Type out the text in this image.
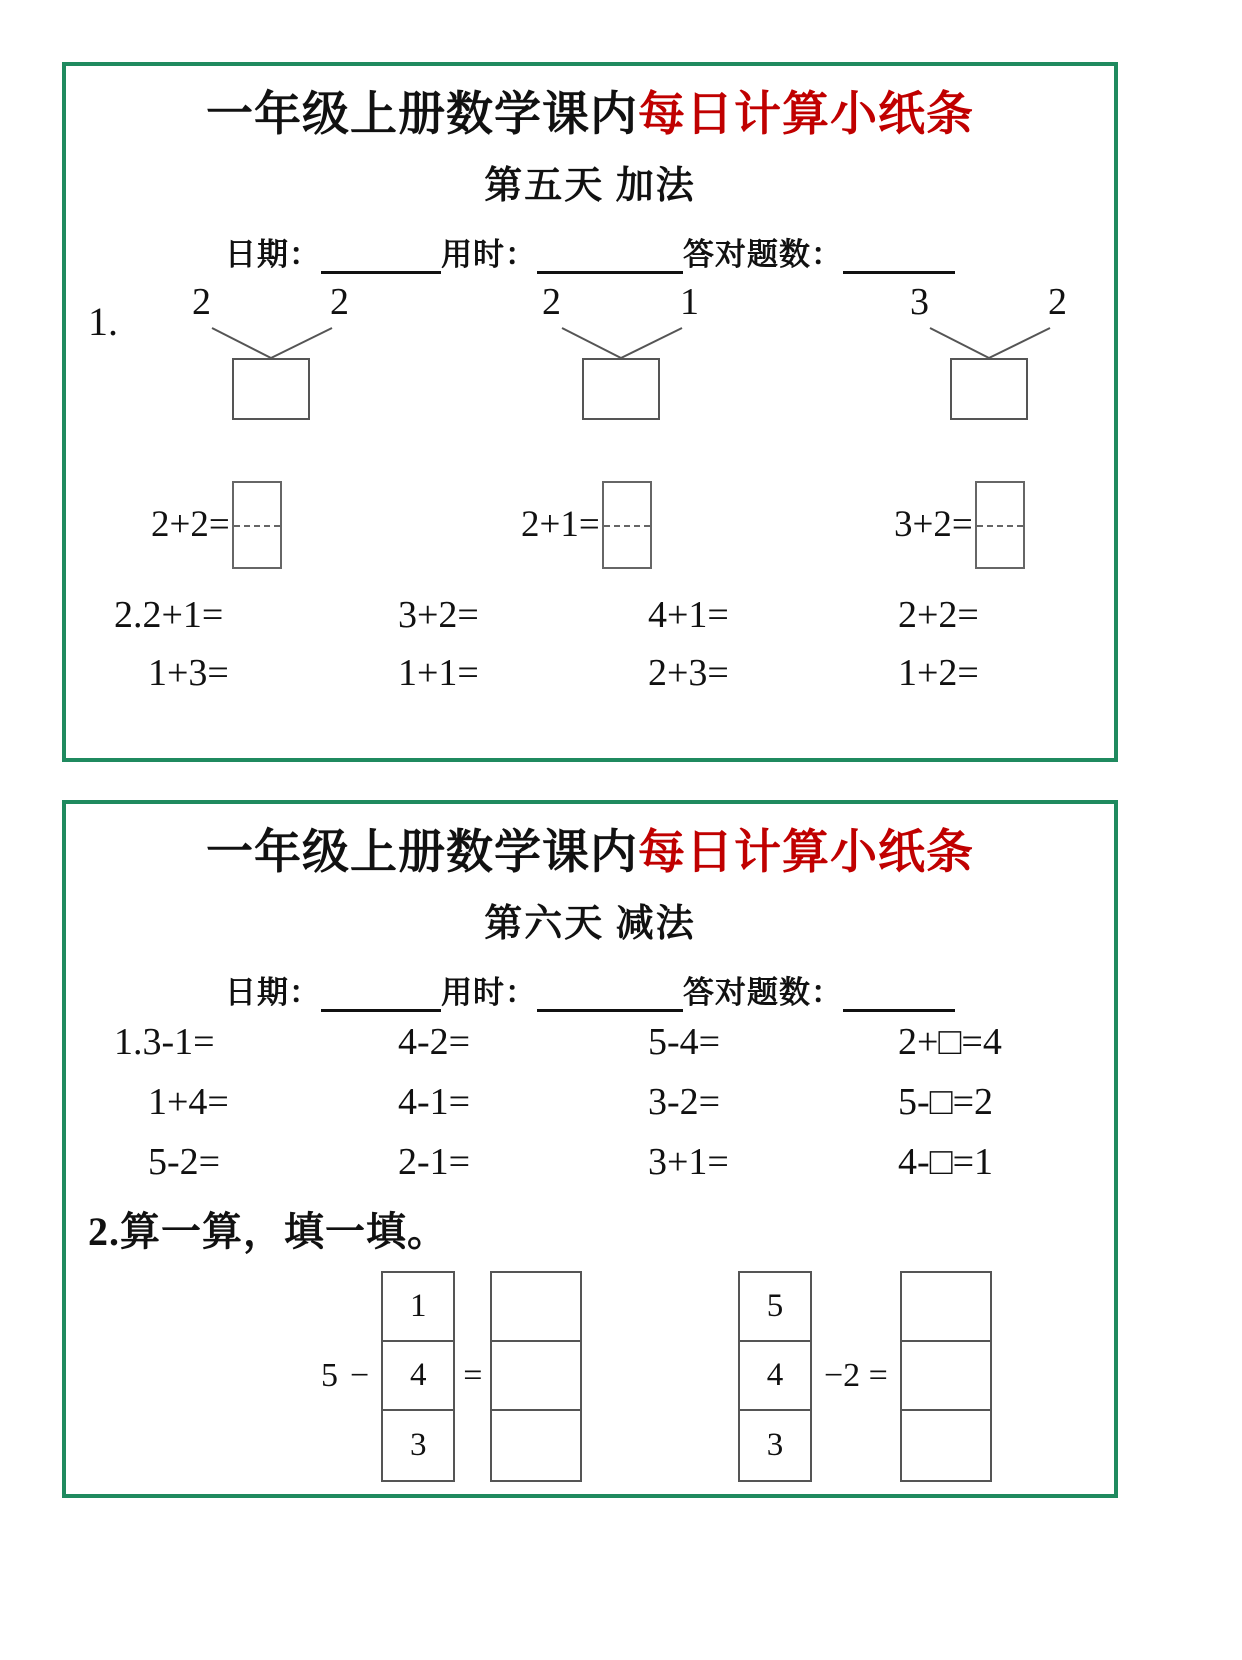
一年级上册数学课内每日计算小纸条
第五天 加法
日期：	用时：	答对题数：
1. 2	2	2	1	3	2
2+2=	2+1=	3+2=
2.2+1=	3+2=	4+1=	2+2=
1+3=	1+1=	2+3=	1+2=
一年级上册数学课内每日计算小纸条
第六天 减法
日期：	用时：	答对题数：
1.3-1=	4-2=	5-4=	2+□=4
1+4=	4-1=	3-2=	5-□=2
5-2=	2-1=	3+1=	4-□=1
2.算一算，填一填。
5 −
1
4
3
=
5
4
3
−2 =
